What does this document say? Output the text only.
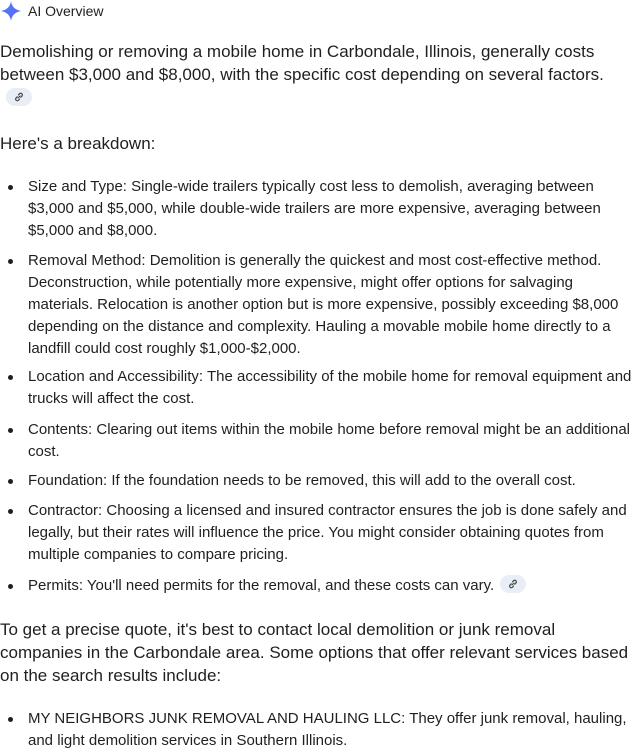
AI Overview

Demolishing or removing a mobile home in Carbondale, Illinois, generally costs between $3,000 and $8,000, with the specific cost depending on several factors.

Here's a breakdown:

Size and Type: Single-wide trailers typically cost less to demolish, averaging between $3,000 and $5,000, while double-wide trailers are more expensive, averaging between $5,000 and $8,000.
Removal Method: Demolition is generally the quickest and most cost-effective method. Deconstruction, while potentially more expensive, might offer options for salvaging materials. Relocation is another option but is more expensive, possibly exceeding $8,000 depending on the distance and complexity. Hauling a movable mobile home directly to a landfill could cost roughly $1,000-$2,000.
Location and Accessibility: The accessibility of the mobile home for removal equipment and trucks will affect the cost.
Contents: Clearing out items within the mobile home before removal might be an additional cost.
Foundation: If the foundation needs to be removed, this will add to the overall cost.
Contractor: Choosing a licensed and insured contractor ensures the job is done safely and legally, but their rates will influence the price. You might consider obtaining quotes from multiple companies to compare pricing.
Permits: You'll need permits for the removal, and these costs can vary.

To get a precise quote, it's best to contact local demolition or junk removal companies in the Carbondale area. Some options that offer relevant services based on the search results include:

MY NEIGHBORS JUNK REMOVAL AND HAULING LLC: They offer junk removal, hauling, and light demolition services in Southern Illinois.
